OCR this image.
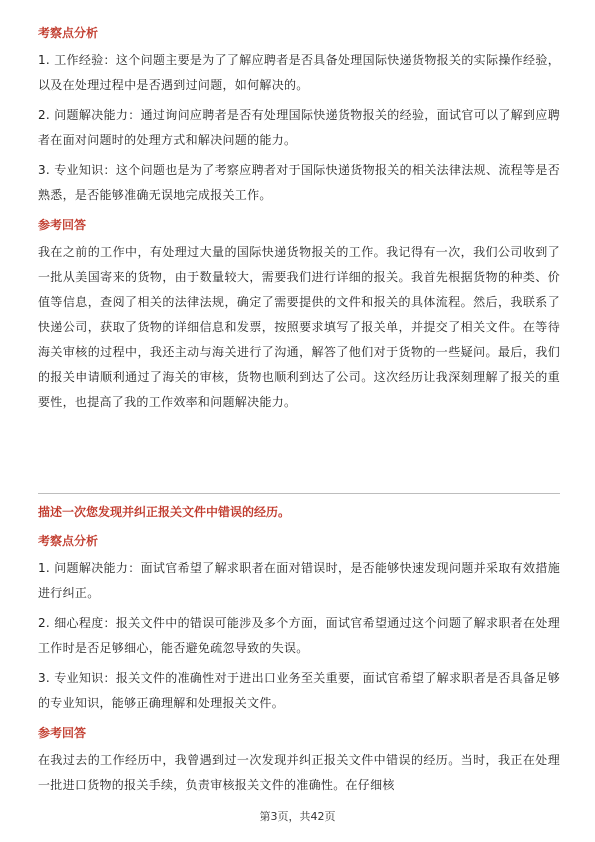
考察点分析
1. 工作经验：这个问题主要是为了了解应聘者是否具备处理国际快递货物报关的实际操作经验，以及在处理过程中是否遇到过问题，如何解决的。
2. 问题解决能力：通过询问应聘者是否有处理国际快递货物报关的经验，面试官可以了解到应聘者在面对问题时的处理方式和解决问题的能力。
3. 专业知识：这个问题也是为了考察应聘者对于国际快递货物报关的相关法律法规、流程等是否熟悉，是否能够准确无误地完成报关工作。
参考回答
我在之前的工作中，有处理过大量的国际快递货物报关的工作。我记得有一次，我们公司收到了一批从美国寄来的货物，由于数量较大，需要我们进行详细的报关。我首先根据货物的种类、价值等信息，查阅了相关的法律法规，确定了需要提供的文件和报关的具体流程。然后，我联系了快递公司，获取了货物的详细信息和发票，按照要求填写了报关单，并提交了相关文件。在等待海关审核的过程中，我还主动与海关进行了沟通，解答了他们对于货物的一些疑问。最后，我们的报关申请顺利通过了海关的审核，货物也顺利到达了公司。这次经历让我深刻理解了报关的重要性，也提高了我的工作效率和问题解决能力。
描述一次您发现并纠正报关文件中错误的经历。
考察点分析
1. 问题解决能力：面试官希望了解求职者在面对错误时，是否能够快速发现问题并采取有效措施进行纠正。
2. 细心程度：报关文件中的错误可能涉及多个方面，面试官希望通过这个问题了解求职者在处理工作时是否足够细心，能否避免疏忽导致的失误。
3. 专业知识：报关文件的准确性对于进出口业务至关重要，面试官希望了解求职者是否具备足够的专业知识，能够正确理解和处理报关文件。
参考回答
在我过去的工作经历中，我曾遇到过一次发现并纠正报关文件中错误的经历。当时，我正在处理一批进口货物的报关手续，负责审核报关文件的准确性。在仔细核
第3页，共42页
